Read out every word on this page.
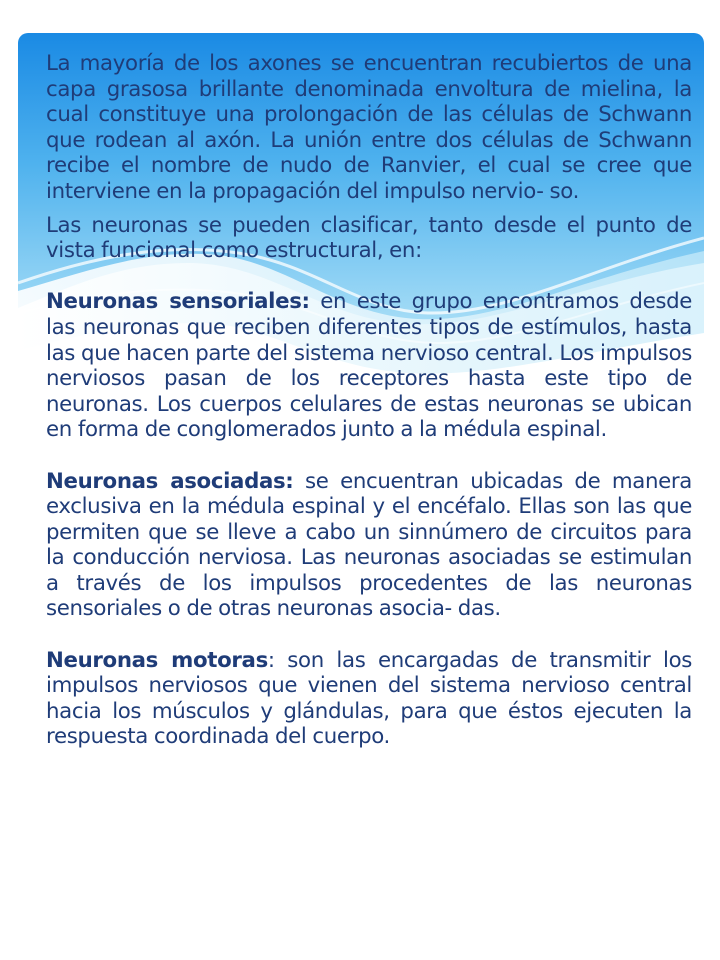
La mayoría de los axones se encuentran recubiertos de una capa grasosa brillante denominada envoltura de mielina, la cual constituye una prolongación de las células de Schwann que rodean al axón. La unión entre dos células de Schwann recibe el nombre de nudo de Ranvier, el cual se cree que interviene en la propagación del impulso nervio- so.

Las neuronas se pueden clasificar, tanto desde el punto de vista funcional como estructural, en:

Neuronas sensoriales: en este grupo encontramos desde las neuronas que reciben diferentes tipos de estímulos, hasta las que hacen parte del sistema nervioso central. Los impulsos nerviosos pasan de los receptores hasta este tipo de neuronas. Los cuerpos celulares de estas neuronas se ubican en forma de conglomerados junto a la médula espinal.

Neuronas asociadas: se encuentran ubicadas de manera exclusiva en la médula espinal y el encéfalo. Ellas son las que permiten que se lleve a cabo un sinnúmero de circuitos para la conducción nerviosa. Las neuronas asociadas se estimulan a través de los impulsos procedentes de las neuronas sensoriales o de otras neuronas asocia- das.

Neuronas motoras: son las encargadas de transmitir los impulsos nerviosos que vienen del sistema nervioso central hacia los músculos y glándulas, para que éstos ejecuten la respuesta coordinada del cuerpo.
